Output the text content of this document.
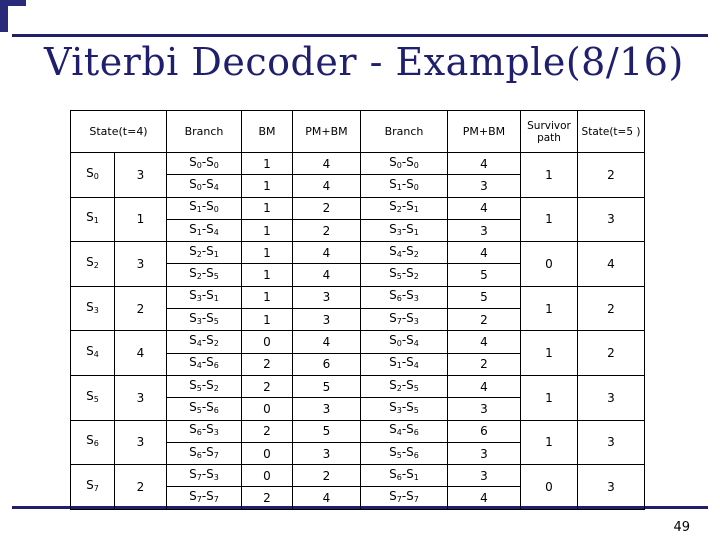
Viterbi Decoder - Example(8/16)
State(t=4)		Branch	BM	PM+BM	Branch	PM+BM	Survivor path	State(t=5 )
$S_0$	3	$S_0-S_0$	1	4	$S_0-S_0$	4	1	2
		$S_0-S_4$	1	4	$S_1-S_0$	3		
$S_1$	1	$S_1-S_0$	1	2	$S_2-S_1$	4	1	3
		$S_1-S_4$	1	2	$S_3-S_1$	3		
$S_2$	3	$S_2-S_1$	1	4	$S_4-S_2$	4	0	4
		$S_2-S_5$	1	4	$S_5-S_2$	5		
$S_3$	2	$S_3-S_1$	1	3	$S_6-S_3$	5	1	2
		$S_3-S_5$	1	3	$S_7-S_3$	2		
$S_4$	4	$S_4-S_2$	0	4	$S_0-S_4$	4	1	2
		$S_4-S_6$	2	6	$S_1-S_4$	2		
$S_5$	3	$S_5-S_2$	2	5	$S_2-S_5$	4	1	3
		$S_5-S_6$	0	3	$S_3-S_5$	3		
$S_6$	3	$S_6-S_3$	2	5	$S_4-S_6$	6	1	3
		$S_6-S_7$	0	3	$S_5-S_6$	3		
$S_7$	2	$S_7-S_3$	0	2	$S_6-S_1$	3	0	3
		$S_7-S_7$	2	4	$S_7-S_7$	4		
49
